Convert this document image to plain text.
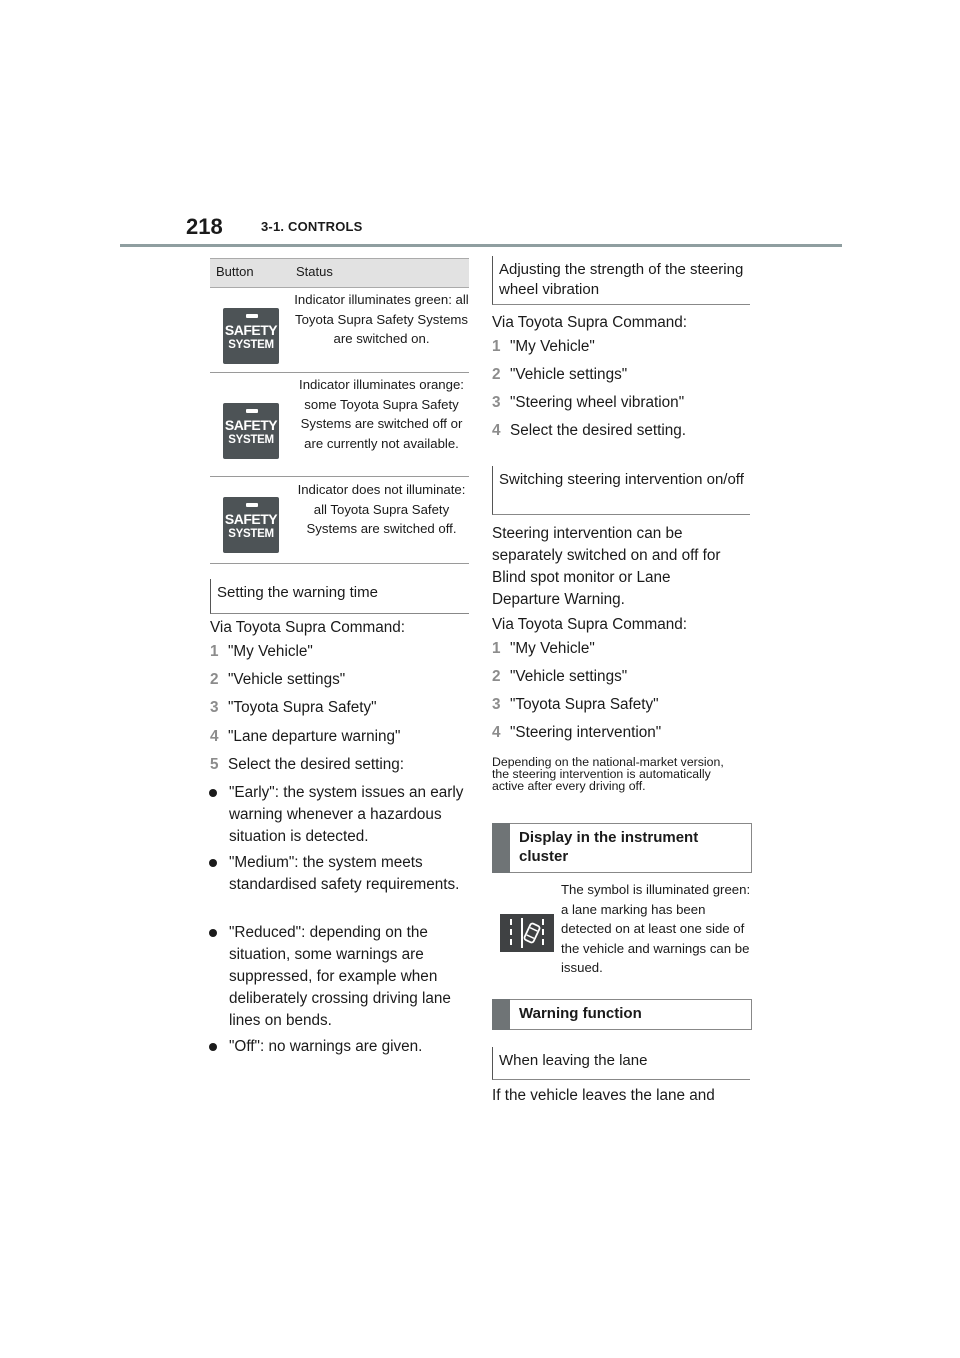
218	3-1. CONTROLS
Button	Status
SAFETY
SYSTEM
Indicator illuminates green: all Toyota Supra Safety Systems are switched on.
SAFETY
SYSTEM
Indicator illuminates orange: some Toyota Supra Safety Systems are switched off or are currently not available.
SAFETY
SYSTEM
Indicator does not illuminate: all Toyota Supra Safety Systems are switched off.
Setting the warning time
Via Toyota Supra Command:
1 "My Vehicle"
2 "Vehicle settings"
3 "Toyota Supra Safety"
4 "Lane departure warning"
5 Select the desired setting:
"Early": the system issues an early warning whenever a hazardous situation is detected.
"Medium": the system meets standardised safety requirements.
"Reduced": depending on the situation, some warnings are suppressed, for example when deliberately crossing driving lane lines on bends.
"Off": no warnings are given.
Adjusting the strength of the steering wheel vibration
Via Toyota Supra Command:
1 "My Vehicle"
2 "Vehicle settings"
3 "Steering wheel vibration"
4 Select the desired setting.
Switching steering intervention on/off
Steering intervention can be separately switched on and off for Blind spot monitor or Lane Departure Warning.
Via Toyota Supra Command:
1 "My Vehicle"
2 "Vehicle settings"
3 "Toyota Supra Safety"
4 "Steering intervention"
Depending on the national-market version, the steering intervention is automatically active after every driving off.
Display in the instrument cluster
The symbol is illuminated green: a lane marking has been detected on at least one side of the vehicle and warnings can be issued.
Warning function
When leaving the lane
If the vehicle leaves the lane and
